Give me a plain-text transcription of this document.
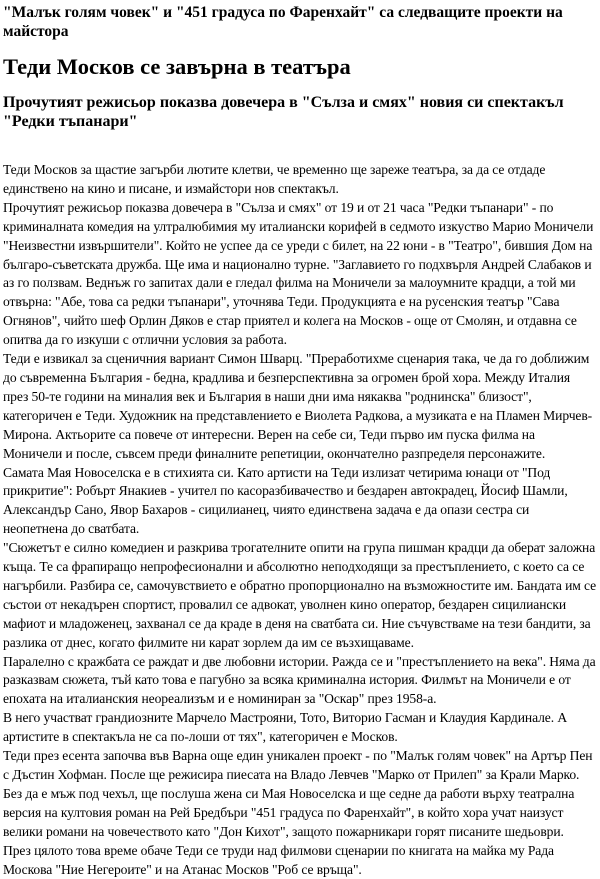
"Малък голям човек" и "451 градуса по Фаренхайт" са следващите проекти на майстора
Теди Москов се завърна в театъра
Прочутият режисьор показва довечера в "Сълза и смях" новия си спектакъл "Редки тъпанари"

Теди Москов за щастие загърби лютите клетви, че временно ще зареже театъра, за да се отдаде единствено на кино и писане, и измайстори нов спектакъл.

Прочутият режисьор показва довечера в "Сълза и смях" от 19 и от 21 часа "Редки тъпанари" - по криминалната комедия на ултралюбимия му италиански корифей в седмото изкуство Марио Моничели "Неизвестни извършители". Който не успее да се уреди с билет, на 22 юни - в "Театро", бившия Дом на българо-съветската дружба. Ще има и национално турне. "Заглавието го подхвърля Андрей Слабаков и аз го ползвам. Веднъж го запитах дали е гледал филма на Моничели за малоумните крадци, а той ми отвърна: "Абе, това са редки тъпанари", уточнява Теди. Продукцията е на русенския театър "Сава Огнянов", чийто шеф Орлин Дяков е стар приятел и колега на Москов - още от Смолян, и отдавна се опитва да го изкуши с отлични условия за работа.

Теди е извикал за сценичния вариант Симон Шварц. "Преработихме сценария така, че да го доближим до съвременна България - бедна, крадлива и безперспективна за огромен брой хора. Между Италия през 50-те години на миналия век и България в наши дни има някаква "роднинска" близост", категоричен е Теди. Художник на представлението е Виолета Радкова, а музиката е на Пламен Мирчев-Мирона. Актьорите са повече от интересни. Верен на себе си, Теди първо им пуска филма на Моничели и после, съвсем преди финалните репетиции, окончателно разпределя персонажите.

Самата Мая Новоселска е в стихията си. Като артисти на Теди излизат четирима юнаци от "Под прикритие": Робърт Янакиев - учител по касоразбивачество и бездарен автокрадец, Йосиф Шамли, Александър Сано, Явор Бахаров - сицилианец, чиято единствена задача е да опази сестра си неопетнена до сватбата.

"Сюжетът е силно комедиен и разкрива трогателните опити на група пишман крадци да оберат заложна къща. Те са фрапиращо непрофесионални и абсолютно неподходящи за престъплението, с което са се нагърбили. Разбира се, самочувствието е обратно пропорционално на възможностите им. Бандата им се състои от некадърен спортист, провалил се адвокат, уволнен кино оператор, бездарен сицилиански мафиот и младоженец, захванал се да краде в деня на сватбата си. Ние съчувстваме на тези бандити, за разлика от днес, когато филмите ни карат зорлем да им се възхищаваме.

Паралелно с кражбата се раждат и две любовни истории. Ражда се и "престъплението на века". Няма да разказвам сюжета, тъй като това е пагубно за всяка криминална история. Филмът на Моничели е от епохата на италианския неореализъм и е номиниран за "Оскар" през 1958-а.

В него участват грандиозните Марчело Мастрояни, Тото, Виторио Гасман и Клаудия Кардинале. А артистите в спектакъла не са по-лоши от тях", категоричен е Москов.

Теди през есента започва във Варна още един уникален проект - по "Малък голям човек" на Артър Пен с Дъстин Хофман. После ще режисира пиесата на Владо Левчев "Марко от Прилеп" за Крали Марко.

Без да е мъж под чехъл, ще послуша жена си Мая Новоселска и ще седне да работи върху театрална версия на култовия роман на Рей Бредбъри "451 градуса по Фаренхайт", в който хора учат наизуст велики романи на човечеството като "Дон Кихот", защото пожарникари горят писаните шедьоври.

През цялото това време обаче Теди се труди над филмови сценарии по книгата на майка му Рада Москова "Ние Негероите" и на Атанас Москов "Роб се връща".
